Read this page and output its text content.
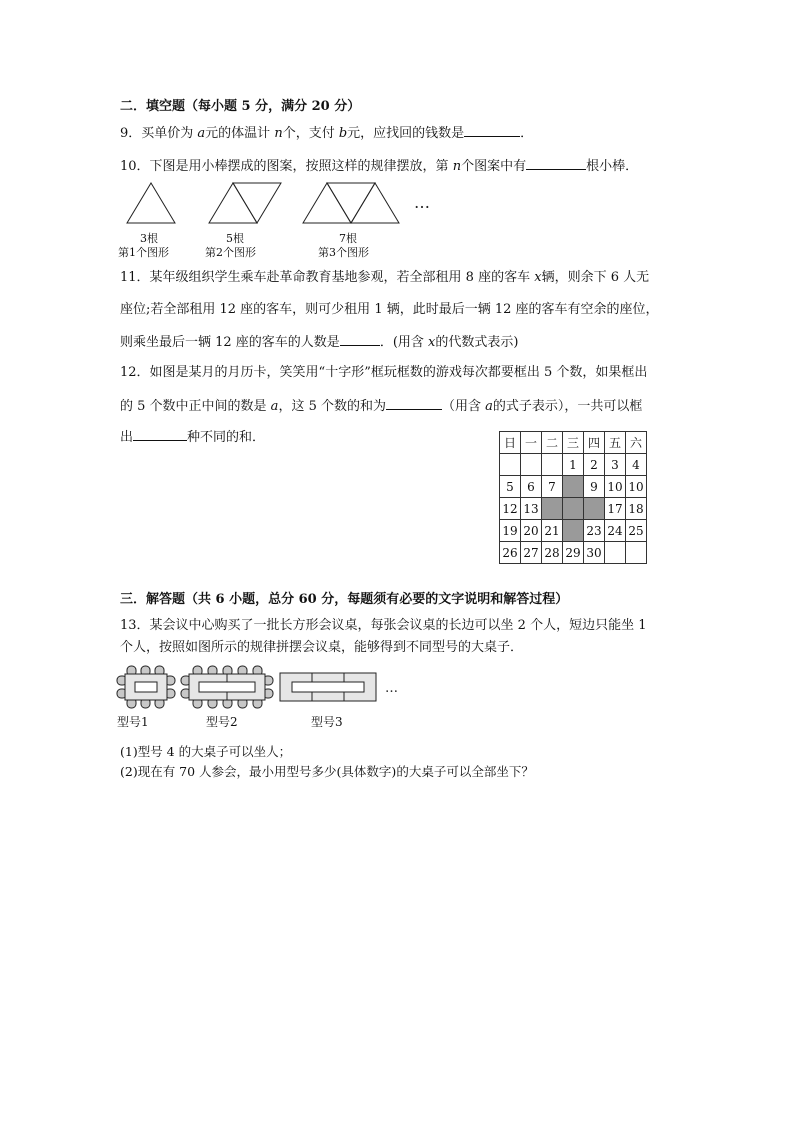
二．填空题（每小题 5 分，满分 20 分）
9．买单价为 a元的体温计 n个，支付 b元，应找回的钱数是	．
10．下图是用小棒摆成的图案，按照这样的规律摆放，第 n个图案中有	根小棒．
…
3根	5根	7根
第1个图形	第2个图形	第3个图形
11．某年级组织学生乘车赴革命教育基地参观，若全部租用 8 座的客车 x辆，则余下 6 人无
座位;若全部租用 12 座的客车，则可少租用 1 辆，此时最后一辆 12 座的客车有空余的座位，
则乘坐最后一辆 12 座的客车的人数是	．(用含 x的代数式表示)
12．如图是某月的月历卡，笑笑用“十字形”框玩框数的游戏每次都要框出 5 个数，如果框出
的 5 个数中正中间的数是 a，这 5 个数的和为	（用含 a的式子表示），一共可以框
出	种不同的和．	日	一	二	三	四	五	六
			1	2	3	4
5	6	7		9	10	10
12	13				17	18
19	20	21		23	24	25
26	27	28	29	30		
三．解答题（共 6 小题，总分 60 分，每题须有必要的文字说明和解答过程）
13．某会议中心购买了一批长方形会议桌，每张会议桌的长边可以坐 2 个人，短边只能坐 1
个人，按照如图所示的规律拼摆会议桌，能够得到不同型号的大桌子．
…
型号1	型号2	型号3
(1)型号 4 的大桌子可以坐人；
(2)现在有 70 人参会，最小用型号多少(具体数字)的大桌子可以全部坐下？
